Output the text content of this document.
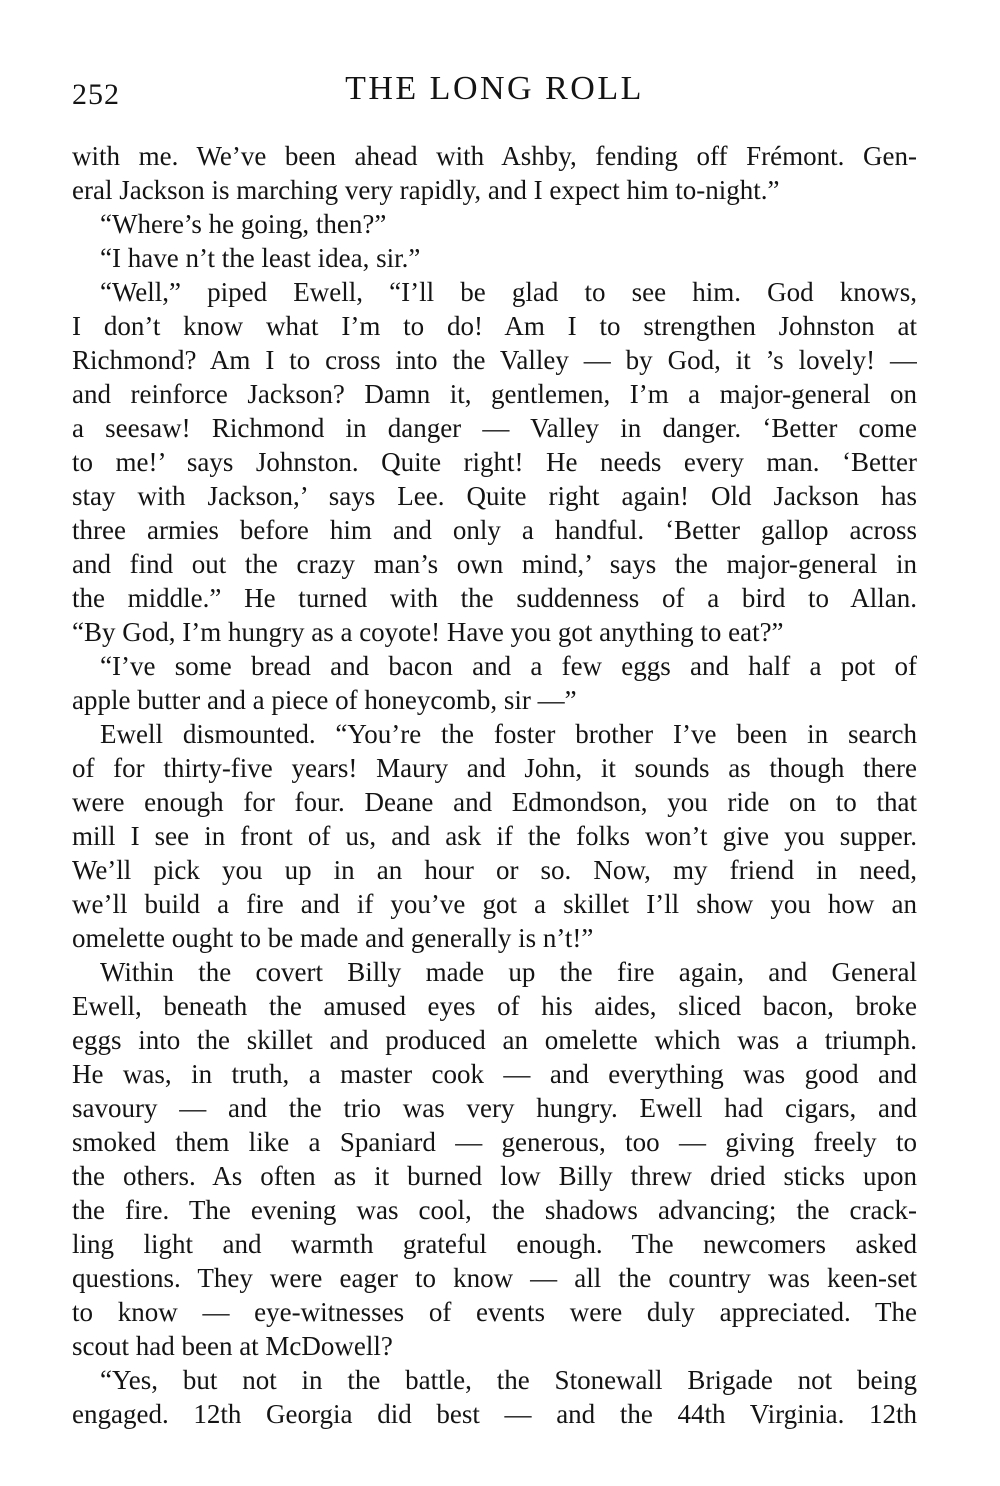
252	THE LONG ROLL
with me. We’ve been ahead with Ashby, fending off Frémont. Gen-
eral Jackson is marching very rapidly, and I expect him to-night.”
“Where’s he going, then?”
“I have n’t the least idea, sir.”
“Well,” piped Ewell, “I’ll be glad to see him. God knows,
I don’t know what I’m to do! Am I to strengthen Johnston at
Richmond? Am I to cross into the Valley — by God, it ’s lovely! —
and reinforce Jackson? Damn it, gentlemen, I’m a major-general on
a seesaw! Richmond in danger — Valley in danger. ‘Better come
to me!’ says Johnston. Quite right! He needs every man. ‘Better
stay with Jackson,’ says Lee. Quite right again! Old Jackson has
three armies before him and only a handful. ‘Better gallop across
and find out the crazy man’s own mind,’ says the major-general in
the middle.” He turned with the suddenness of a bird to Allan.
“By God, I’m hungry as a coyote! Have you got anything to eat?”
“I’ve some bread and bacon and a few eggs and half a pot of
apple butter and a piece of honeycomb, sir —”
Ewell dismounted. “You’re the foster brother I’ve been in search
of for thirty-five years! Maury and John, it sounds as though there
were enough for four. Deane and Edmondson, you ride on to that
mill I see in front of us, and ask if the folks won’t give you supper.
We’ll pick you up in an hour or so. Now, my friend in need,
we’ll build a fire and if you’ve got a skillet I’ll show you how an
omelette ought to be made and generally is n’t!”
Within the covert Billy made up the fire again, and General
Ewell, beneath the amused eyes of his aides, sliced bacon, broke
eggs into the skillet and produced an omelette which was a triumph.
He was, in truth, a master cook — and everything was good and
savoury — and the trio was very hungry. Ewell had cigars, and
smoked them like a Spaniard — generous, too — giving freely to
the others. As often as it burned low Billy threw dried sticks upon
the fire. The evening was cool, the shadows advancing; the crack-
ling light and warmth grateful enough. The newcomers asked
questions. They were eager to know — all the country was keen-set
to know — eye-witnesses of events were duly appreciated. The
scout had been at McDowell?
“Yes, but not in the battle, the Stonewall Brigade not being
engaged. 12th Georgia did best — and the 44th Virginia. 12th
